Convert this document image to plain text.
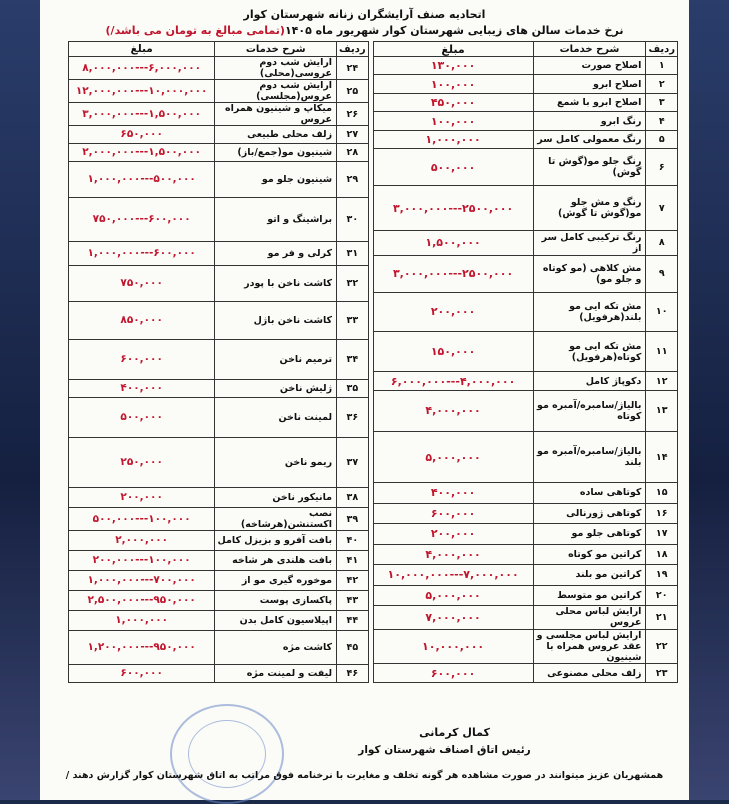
اتحادیه صنف آرایشگران زنانه شهرستان کوار
نرخ خدمات سالن های زیبایی شهرستان کوار شهریور ماه ۱۴۰۵(تمامی مبالغ به تومان می باشد/)
ردیف	شرح خدمات	مبلغ
۱	اصلاح صورت	۱۳۰,۰۰۰
۲	اصلاح ابرو	۱۰۰,۰۰۰
۳	اصلاح ابرو با شمع	۴۵۰,۰۰۰
۴	رنگ ابرو	۱۰۰,۰۰۰
۵	رنگ معمولی کامل سر	۱,۰۰۰,۰۰۰
۶	رنگ جلو مو(گوش تا گوش)	۵۰۰,۰۰۰
۷	رنگ و مش جلو مو(گوش تا گوش)	۲۵۰۰,۰۰۰---۳,۰۰۰,۰۰۰
۸	رنگ ترکیبی کامل سر از	۱,۵۰۰,۰۰۰
۹	مش کلاهی (مو کوتاه و جلو مو)	۲۵۰۰,۰۰۰---۳,۰۰۰,۰۰۰
۱۰	مش تکه ایی مو بلند(هرفویل)	۲۰۰,۰۰۰
۱۱	مش تکه ایی مو کوتاه(هرفویل)	۱۵۰,۰۰۰
۱۲	دکوپاژ کامل	۴,۰۰۰,۰۰۰---۶,۰۰۰,۰۰۰
۱۳	بالیاژ/سامبره/آمبره مو کوتاه	۴,۰۰۰,۰۰۰
۱۴	بالیاژ/سامبره/آمبره مو بلند	۵,۰۰۰,۰۰۰
۱۵	کوتاهی ساده	۴۰۰,۰۰۰
۱۶	کوتاهی ژورنالی	۶۰۰,۰۰۰
۱۷	کوتاهی جلو مو	۲۰۰,۰۰۰
۱۸	کراتین مو کوتاه	۴,۰۰۰,۰۰۰
۱۹	کراتین مو بلند	۷,۰۰۰,۰۰۰---۱۰,۰۰۰,۰۰۰
۲۰	کراتین مو متوسط	۵,۰۰۰,۰۰۰
۲۱	آرایش لباس محلی عروس	۷,۰۰۰,۰۰۰
۲۲	آرایش لباس مجلسی و عقد عروس همراه با شینیون	۱۰,۰۰۰,۰۰۰
۲۳	زلف محلی مصنوعی	۶۰۰,۰۰۰
ردیف	شرح خدمات	مبلغ
۲۴	آرایش شب دوم عروسی(محلی)	۶,۰۰۰,۰۰۰---۸,۰۰۰,۰۰۰
۲۵	آرایش شب دوم عروس(مجلسی)	۱۰,۰۰۰,۰۰۰---۱۲,۰۰۰,۰۰۰
۲۶	میکاپ و شینیون همراه عروس	۱,۵۰۰,۰۰۰---۳,۰۰۰,۰۰۰
۲۷	زلف محلی طبیعی	۶۵۰,۰۰۰
۲۸	شینیون مو(جمع/باز)	۱,۵۰۰,۰۰۰---۲,۰۰۰,۰۰۰
۲۹	شینیون جلو مو	۵۰۰,۰۰۰---۱,۰۰۰,۰۰۰
۳۰	براشینگ و اتو	۶۰۰,۰۰۰---۷۵۰,۰۰۰
۳۱	کرلی و فر مو	۶۰۰,۰۰۰---۱,۰۰۰,۰۰۰
۳۲	کاشت ناخن با پودر	۷۵۰,۰۰۰
۳۳	کاشت ناخن باژل	۸۵۰,۰۰۰
۳۴	ترمیم ناخن	۶۰۰,۰۰۰
۳۵	ژلیش ناخن	۴۰۰,۰۰۰
۳۶	لمینت ناخن	۵۰۰,۰۰۰
۳۷	ریمو ناخن	۲۵۰,۰۰۰
۳۸	مانیکور ناخن	۲۰۰,۰۰۰
۳۹	نصب اکستنشن(هرشاخه)	۱۰۰,۰۰۰---۵۰۰,۰۰۰
۴۰	بافت آفرو و بزیزل کامل	۲,۰۰۰,۰۰۰
۴۱	بافت هلندی هر شاخه	۱۰۰,۰۰۰---۲۰۰,۰۰۰
۴۲	موخوره گیری مو از	۷۰۰,۰۰۰---۱,۰۰۰,۰۰۰
۴۳	پاکسازی پوست	۹۵۰,۰۰۰---۲,۵۰۰,۰۰۰
۴۴	اپیلاسیون کامل بدن	۱,۰۰۰,۰۰۰
۴۵	کاشت مژه	۹۵۰,۰۰۰---۱,۲۰۰,۰۰۰
۴۶	لیفت و لمینت مژه	۶۰۰,۰۰۰
کمال کرمانی
رئیس اتاق اصناف شهرستان کوار
همشهریان عزیز میتوانند در صورت مشاهده هر گونه تخلف و مغایرت با نرخنامه فوق مراتب به اتاق شهرستان کوار گزارش دهند /
